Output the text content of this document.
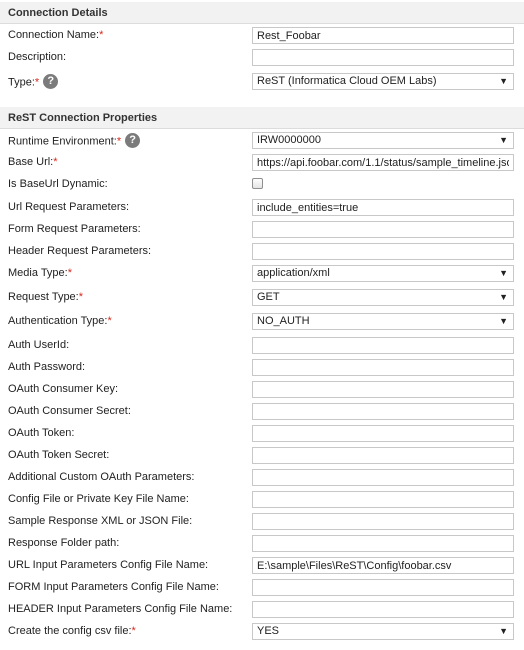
Connection Details
Connection Name:*
Rest_Foobar
Description:
Type:* ?	ReST (Informatica Cloud OEM Labs)	▼
ReST Connection Properties
Runtime Environment:* ?	IRW0000000	▼
Base Url:*
https://api.foobar.com/1.1/status/sample_timeline.json
Is BaseUrl Dynamic:
Url Request Parameters:
include_entities=true
Form Request Parameters:
Header Request Parameters:
Media Type:*	application/xml	▼
Request Type:*	GET	▼
Authentication Type:*	NO_AUTH	▼
Auth UserId:
Auth Password:
OAuth Consumer Key:
OAuth Consumer Secret:
OAuth Token:
OAuth Token Secret:
Additional Custom OAuth Parameters:
Config File or Private Key File Name:
Sample Response XML or JSON File:
Response Folder path:
URL Input Parameters Config File Name:
E:\sample\Files\ReST\Config\foobar.csv
FORM Input Parameters Config File Name:
HEADER Input Parameters Config File Name:
Create the config csv file:*	YES	▼
